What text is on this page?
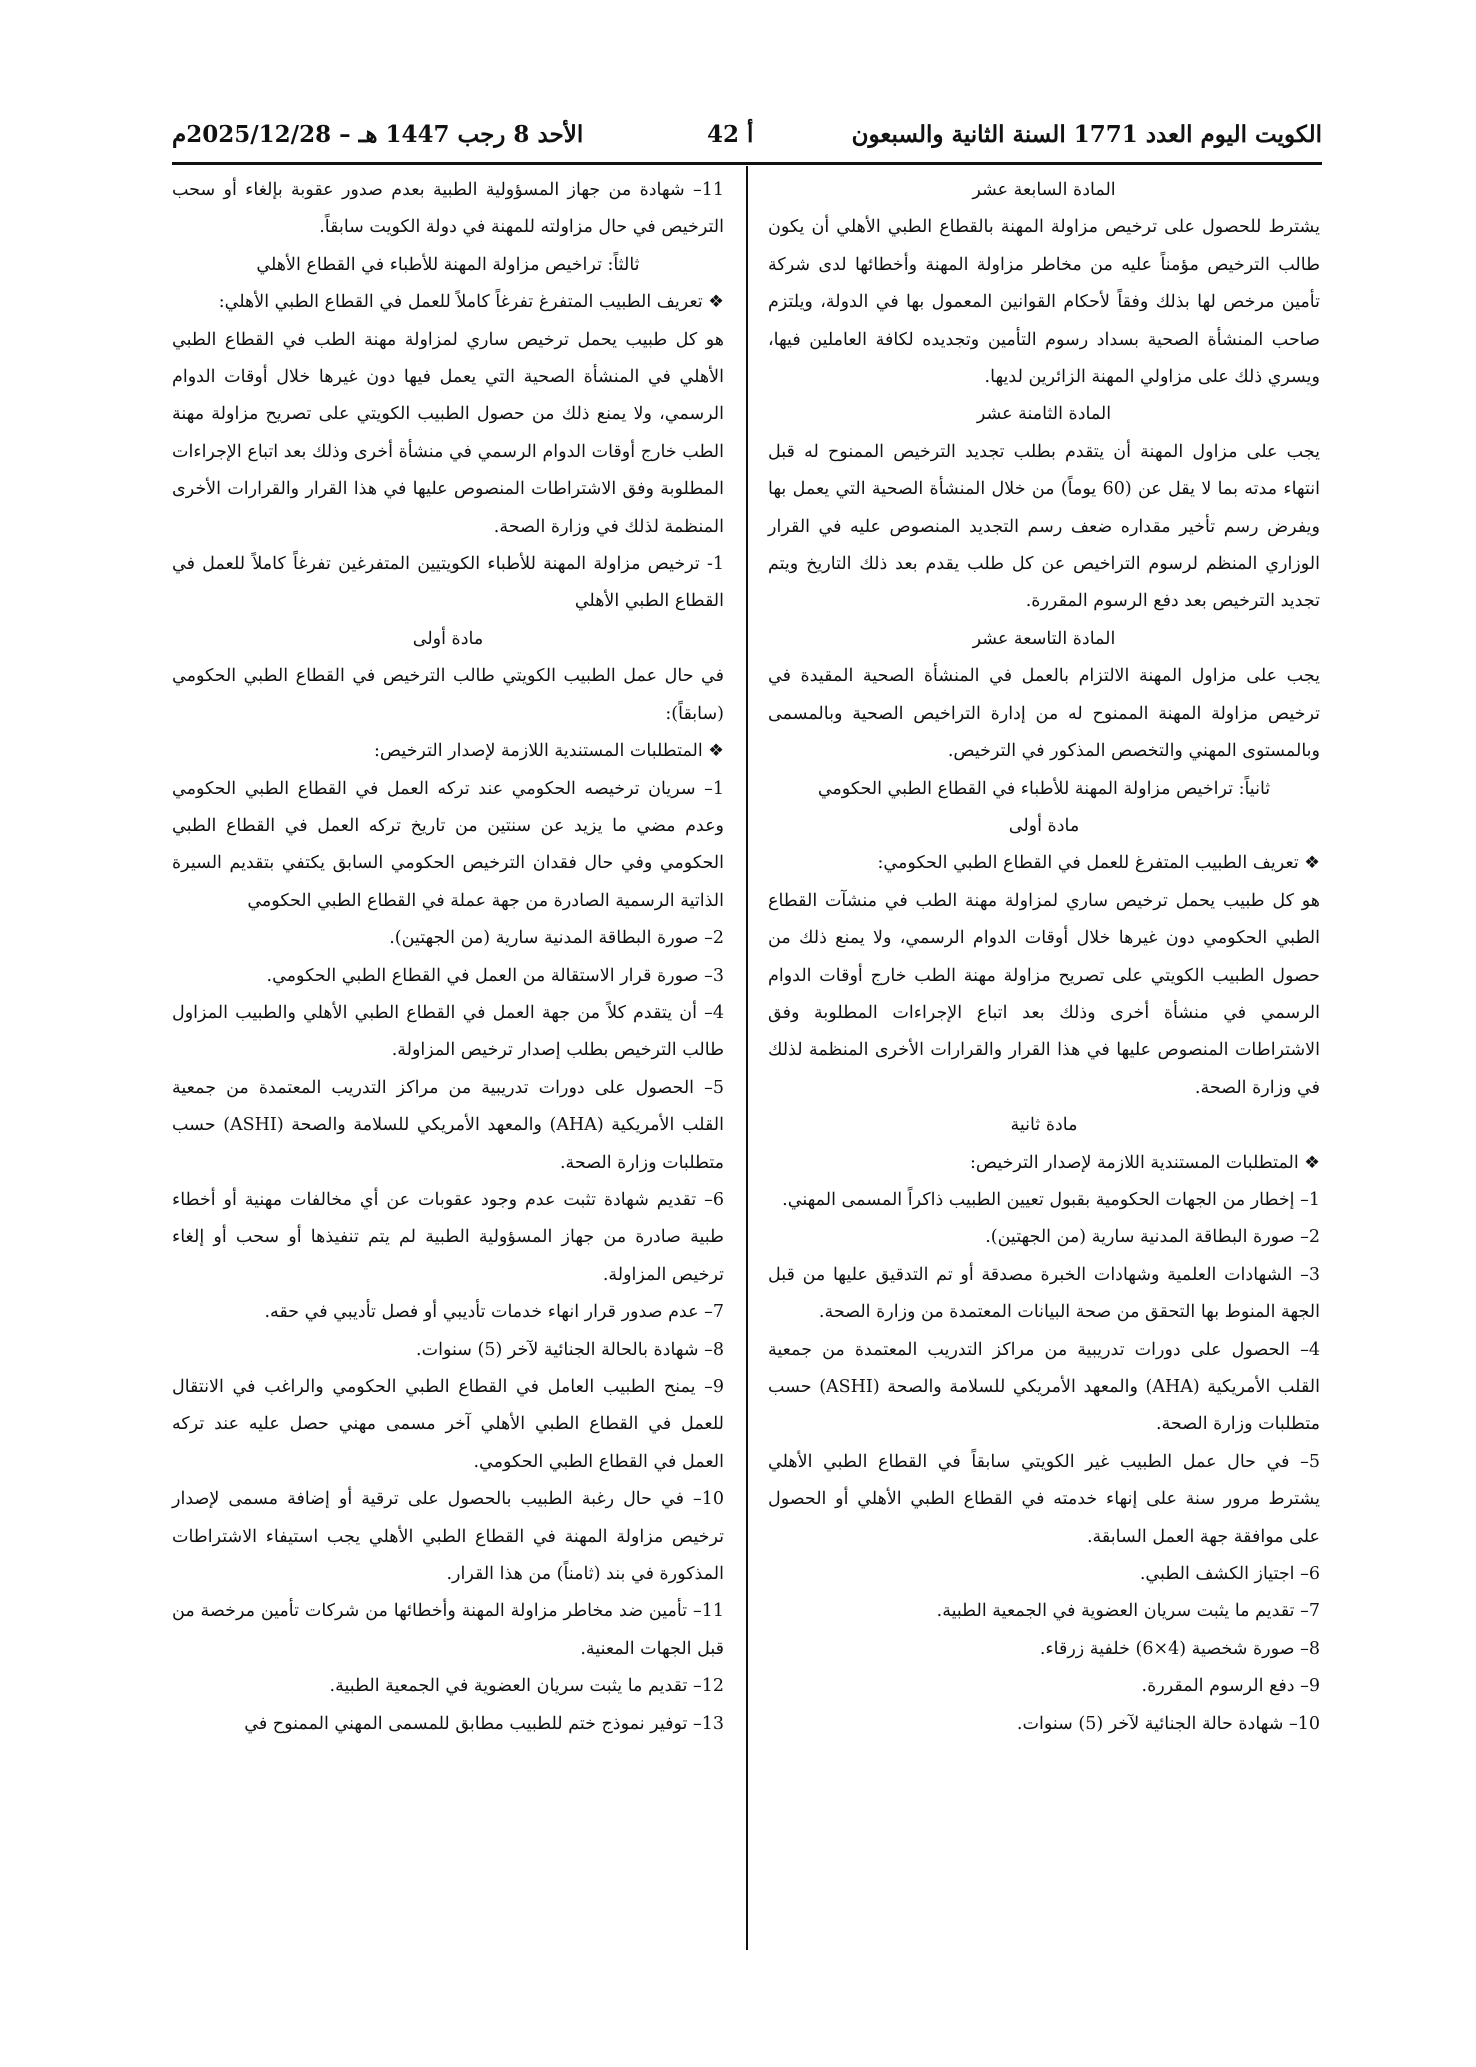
الكويت اليوم العدد 1771 السنة الثانية والسبعون
أ 42
الأحد 8 رجب 1447 هـ – 2025/12/28م

المادة السابعة عشر

يشترط للحصول على ترخيص مزاولة المهنة بالقطاع الطبي الأهلي أن يكون طالب الترخيص مؤمناً عليه من مخاطر مزاولة المهنة وأخطائها لدى شركة تأمين مرخص لها بذلك وفقاً لأحكام القوانين المعمول بها في الدولة، ويلتزم صاحب المنشأة الصحية بسداد رسوم التأمين وتجديده لكافة العاملين فيها، ويسري ذلك على مزاولي المهنة الزائرين لديها.

المادة الثامنة عشر

يجب على مزاول المهنة أن يتقدم بطلب تجديد الترخيص الممنوح له قبل انتهاء مدته بما لا يقل عن (60 يوماً) من خلال المنشأة الصحية التي يعمل بها ويفرض رسم تأخير مقداره ضعف رسم التجديد المنصوص عليه في القرار الوزاري المنظم لرسوم التراخيص عن كل طلب يقدم بعد ذلك التاريخ ويتم تجديد الترخيص بعد دفع الرسوم المقررة.

المادة التاسعة عشر

يجب على مزاول المهنة الالتزام بالعمل في المنشأة الصحية المقيدة في ترخيص مزاولة المهنة الممنوح له من إدارة التراخيص الصحية وبالمسمى وبالمستوى المهني والتخصص المذكور في الترخيص.

ثانياً: تراخيص مزاولة المهنة للأطباء في القطاع الطبي الحكومي

مادة أولى

❖ تعريف الطبيب المتفرغ للعمل في القطاع الطبي الحكومي:

هو كل طبيب يحمل ترخيص ساري لمزاولة مهنة الطب في منشآت القطاع الطبي الحكومي دون غيرها خلال أوقات الدوام الرسمي، ولا يمنع ذلك من حصول الطبيب الكويتي على تصريح مزاولة مهنة الطب خارج أوقات الدوام الرسمي في منشأة أخرى وذلك بعد اتباع الإجراءات المطلوبة وفق الاشتراطات المنصوص عليها في هذا القرار والقرارات الأخرى المنظمة لذلك في وزارة الصحة.

مادة ثانية

❖ المتطلبات المستندية اللازمة لإصدار الترخيص:

1– إخطار من الجهات الحكومية بقبول تعيين الطبيب ذاكراً المسمى المهني.

2– صورة البطاقة المدنية سارية (من الجهتين).

3– الشهادات العلمية وشهادات الخبرة مصدقة أو تم التدقيق عليها من قبل الجهة المنوط بها التحقق من صحة البيانات المعتمدة من وزارة الصحة.

4– الحصول على دورات تدريبية من مراكز التدريب المعتمدة من جمعية القلب الأمريكية (AHA) والمعهد الأمريكي للسلامة والصحة (ASHI) حسب متطلبات وزارة الصحة.

5– في حال عمل الطبيب غير الكويتي سابقاً في القطاع الطبي الأهلي يشترط مرور سنة على إنهاء خدمته في القطاع الطبي الأهلي أو الحصول على موافقة جهة العمل السابقة.

6– اجتياز الكشف الطبي.

7– تقديم ما يثبت سريان العضوية في الجمعية الطبية.

8– صورة شخصية (4×6) خلفية زرقاء.

9– دفع الرسوم المقررة.

10– شهادة حالة الجنائية لآخر (5) سنوات.

11– شهادة من جهاز المسؤولية الطبية بعدم صدور عقوبة بإلغاء أو سحب الترخيص في حال مزاولته للمهنة في دولة الكويت سابقاً.

ثالثاً: تراخيص مزاولة المهنة للأطباء في القطاع الأهلي

❖ تعريف الطبيب المتفرغ تفرغاً كاملاً للعمل في القطاع الطبي الأهلي:

هو كل طبيب يحمل ترخيص ساري لمزاولة مهنة الطب في القطاع الطبي الأهلي في المنشأة الصحية التي يعمل فيها دون غيرها خلال أوقات الدوام الرسمي، ولا يمنع ذلك من حصول الطبيب الكويتي على تصريح مزاولة مهنة الطب خارج أوقات الدوام الرسمي في منشأة أخرى وذلك بعد اتباع الإجراءات المطلوبة وفق الاشتراطات المنصوص عليها في هذا القرار والقرارات الأخرى المنظمة لذلك في وزارة الصحة.

1- ترخيص مزاولة المهنة للأطباء الكويتيين المتفرغين تفرغاً كاملاً للعمل في القطاع الطبي الأهلي

مادة أولى

في حال عمل الطبيب الكويتي طالب الترخيص في القطاع الطبي الحكومي (سابقاً):

❖ المتطلبات المستندية اللازمة لإصدار الترخيص:

1– سريان ترخيصه الحكومي عند تركه العمل في القطاع الطبي الحكومي وعدم مضي ما يزيد عن سنتين من تاريخ تركه العمل في القطاع الطبي الحكومي وفي حال فقدان الترخيص الحكومي السابق يكتفي بتقديم السيرة الذاتية الرسمية الصادرة من جهة عملة في القطاع الطبي الحكومي

2– صورة البطاقة المدنية سارية (من الجهتين).

3– صورة قرار الاستقالة من العمل في القطاع الطبي الحكومي.

4– أن يتقدم كلاً من جهة العمل في القطاع الطبي الأهلي والطبيب المزاول طالب الترخيص بطلب إصدار ترخيص المزاولة.

5– الحصول على دورات تدريبية من مراكز التدريب المعتمدة من جمعية القلب الأمريكية (AHA) والمعهد الأمريكي للسلامة والصحة (ASHI) حسب متطلبات وزارة الصحة.

6– تقديم شهادة تثبت عدم وجود عقوبات عن أي مخالفات مهنية أو أخطاء طبية صادرة من جهاز المسؤولية الطبية لم يتم تنفيذها أو سحب أو إلغاء ترخيص المزاولة.

7– عدم صدور قرار انهاء خدمات تأديبي أو فصل تأديبي في حقه.

8– شهادة بالحالة الجنائية لآخر (5) سنوات.

9– يمنح الطبيب العامل في القطاع الطبي الحكومي والراغب في الانتقال للعمل في القطاع الطبي الأهلي آخر مسمى مهني حصل عليه عند تركه العمل في القطاع الطبي الحكومي.

10– في حال رغبة الطبيب بالحصول على ترقية أو إضافة مسمى لإصدار ترخيص مزاولة المهنة في القطاع الطبي الأهلي يجب استيفاء الاشتراطات المذكورة في بند (ثامناً) من هذا القرار.

11– تأمين ضد مخاطر مزاولة المهنة وأخطائها من شركات تأمين مرخصة من قبل الجهات المعنية.

12– تقديم ما يثبت سريان العضوية في الجمعية الطبية.

13– توفير نموذج ختم للطبيب مطابق للمسمى المهني الممنوح في
